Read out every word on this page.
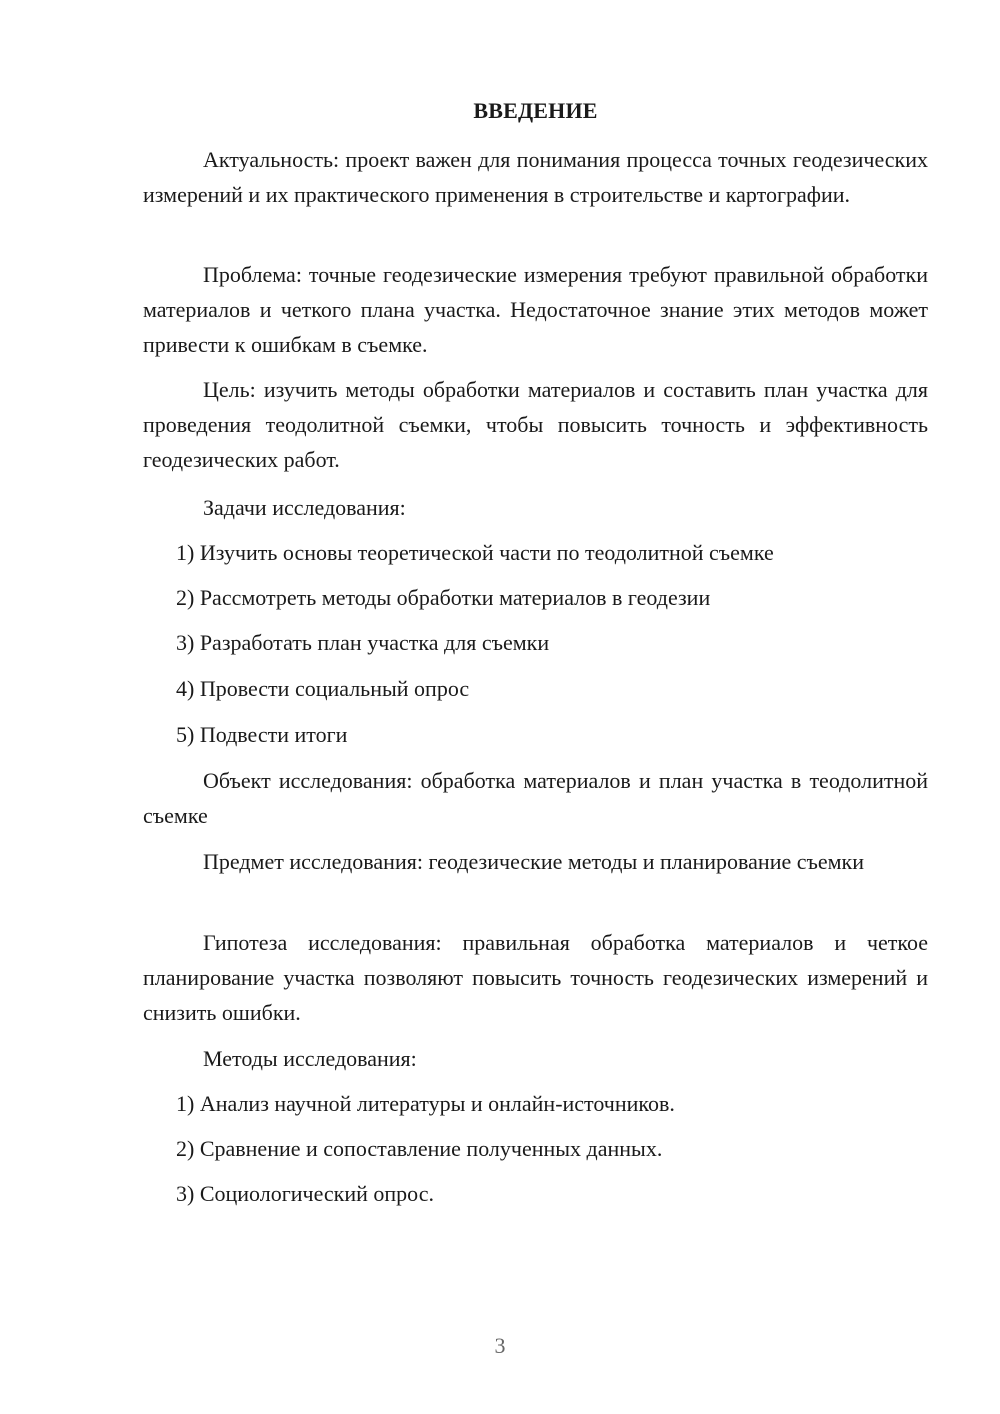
ВВЕДЕНИЕ
Актуальность: проект важен для понимания процесса точных геодезических измерений и их практического применения в строительстве и картографии.
Проблема: точные геодезические измерения требуют правильной обработки материалов и четкого плана участка. Недостаточное знание этих методов может привести к ошибкам в съемке.
Цель: изучить методы обработки материалов и составить план участка для проведения теодолитной съемки, чтобы повысить точность и эффективность геодезических работ.
Задачи исследования:
1) Изучить основы теоретической части по теодолитной съемке
2) Рассмотреть методы обработки материалов в геодезии
3) Разработать план участка для съемки
4) Провести социальный опрос
5) Подвести итоги
Объект исследования: обработка материалов и план участка в теодолитной съемке
Предмет исследования: геодезические методы и планирование съемки
Гипотеза исследования: правильная обработка материалов и четкое планирование участка позволяют повысить точность геодезических измерений и снизить ошибки.
Методы исследования:
1) Анализ научной литературы и онлайн-источников.
2) Сравнение и сопоставление полученных данных.
3) Социологический опрос.
3
